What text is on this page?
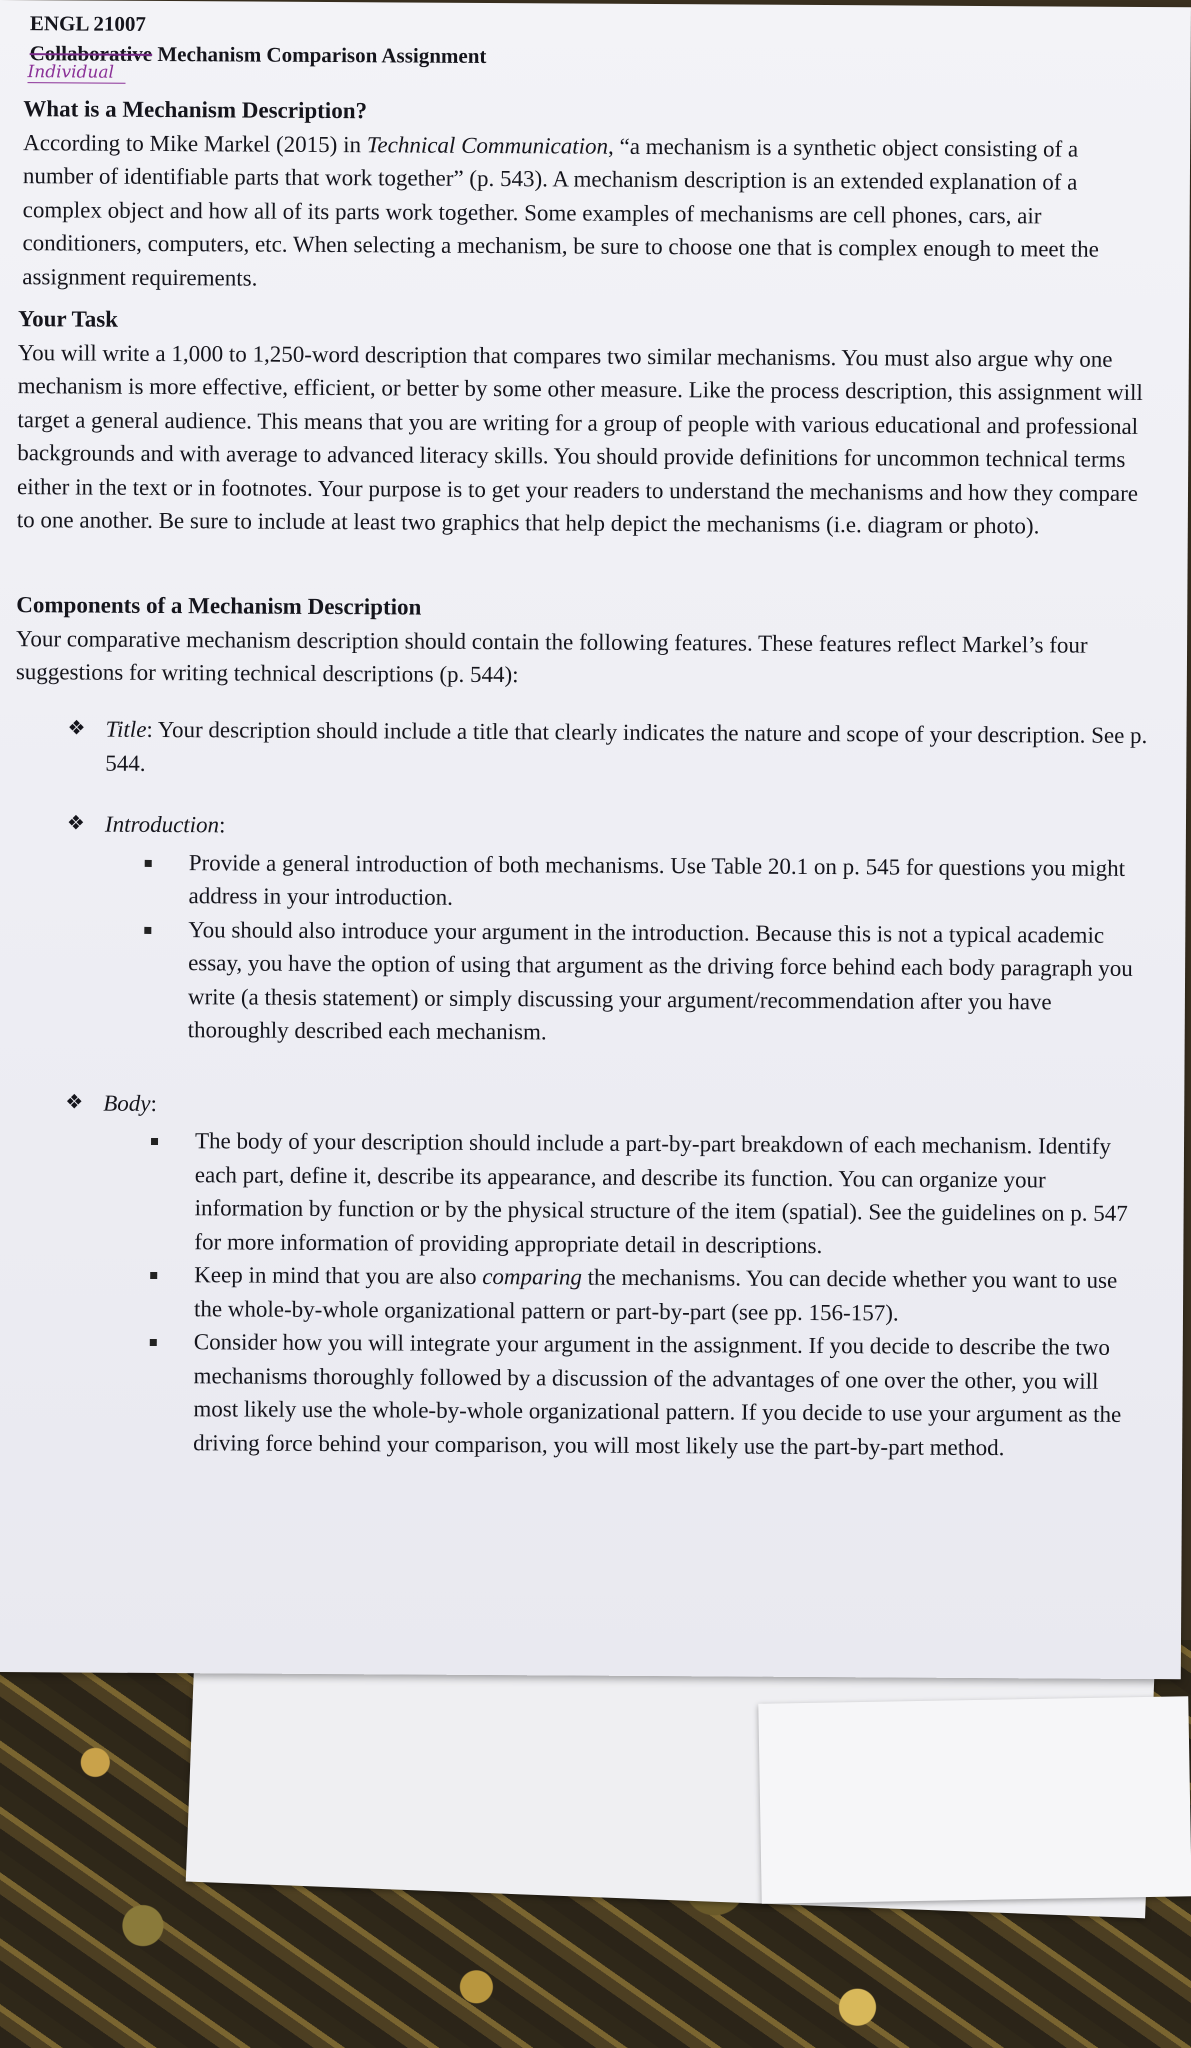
ENGL 21007
Collaborative Mechanism Comparison Assignment
Individual
What is a Mechanism Description?
According to Mike Markel (2015) in Technical Communication, “a mechanism is a synthetic object consisting of a number of identifiable parts that work together” (p. 543). A mechanism description is an extended explanation of a complex object and how all of its parts work together. Some examples of mechanisms are cell phones, cars, air conditioners, computers, etc. When selecting a mechanism, be sure to choose one that is complex enough to meet the assignment requirements.
Your Task
You will write a 1,000 to 1,250-word description that compares two similar mechanisms. You must also argue why one mechanism is more effective, efficient, or better by some other measure. Like the process description, this assignment will target a general audience. This means that you are writing for a group of people with various educational and professional backgrounds and with average to advanced literacy skills. You should provide definitions for uncommon technical terms either in the text or in footnotes. Your purpose is to get your readers to understand the mechanisms and how they compare to one another. Be sure to include at least two graphics that help depict the mechanisms (i.e. diagram or photo).
Components of a Mechanism Description
Your comparative mechanism description should contain the following features. These features reflect Markel’s four suggestions for writing technical descriptions (p. 544):
❖ Title: Your description should include a title that clearly indicates the nature and scope of your description. See p. 544.
❖ Introduction:
Provide a general introduction of both mechanisms. Use Table 20.1 on p. 545 for questions you might address in your introduction.
You should also introduce your argument in the introduction. Because this is not a typical academic essay, you have the option of using that argument as the driving force behind each body paragraph you write (a thesis statement) or simply discussing your argument/recommendation after you have thoroughly described each mechanism.
❖ Body:
The body of your description should include a part-by-part breakdown of each mechanism. Identify each part, define it, describe its appearance, and describe its function. You can organize your information by function or by the physical structure of the item (spatial). See the guidelines on p. 547 for more information of providing appropriate detail in descriptions.
Keep in mind that you are also comparing the mechanisms. You can decide whether you want to use the whole-by-whole organizational pattern or part-by-part (see pp. 156-157).
Consider how you will integrate your argument in the assignment. If you decide to describe the two mechanisms thoroughly followed by a discussion of the advantages of one over the other, you will most likely use the whole-by-whole organizational pattern. If you decide to use your argument as the driving force behind your comparison, you will most likely use the part-by-part method.
